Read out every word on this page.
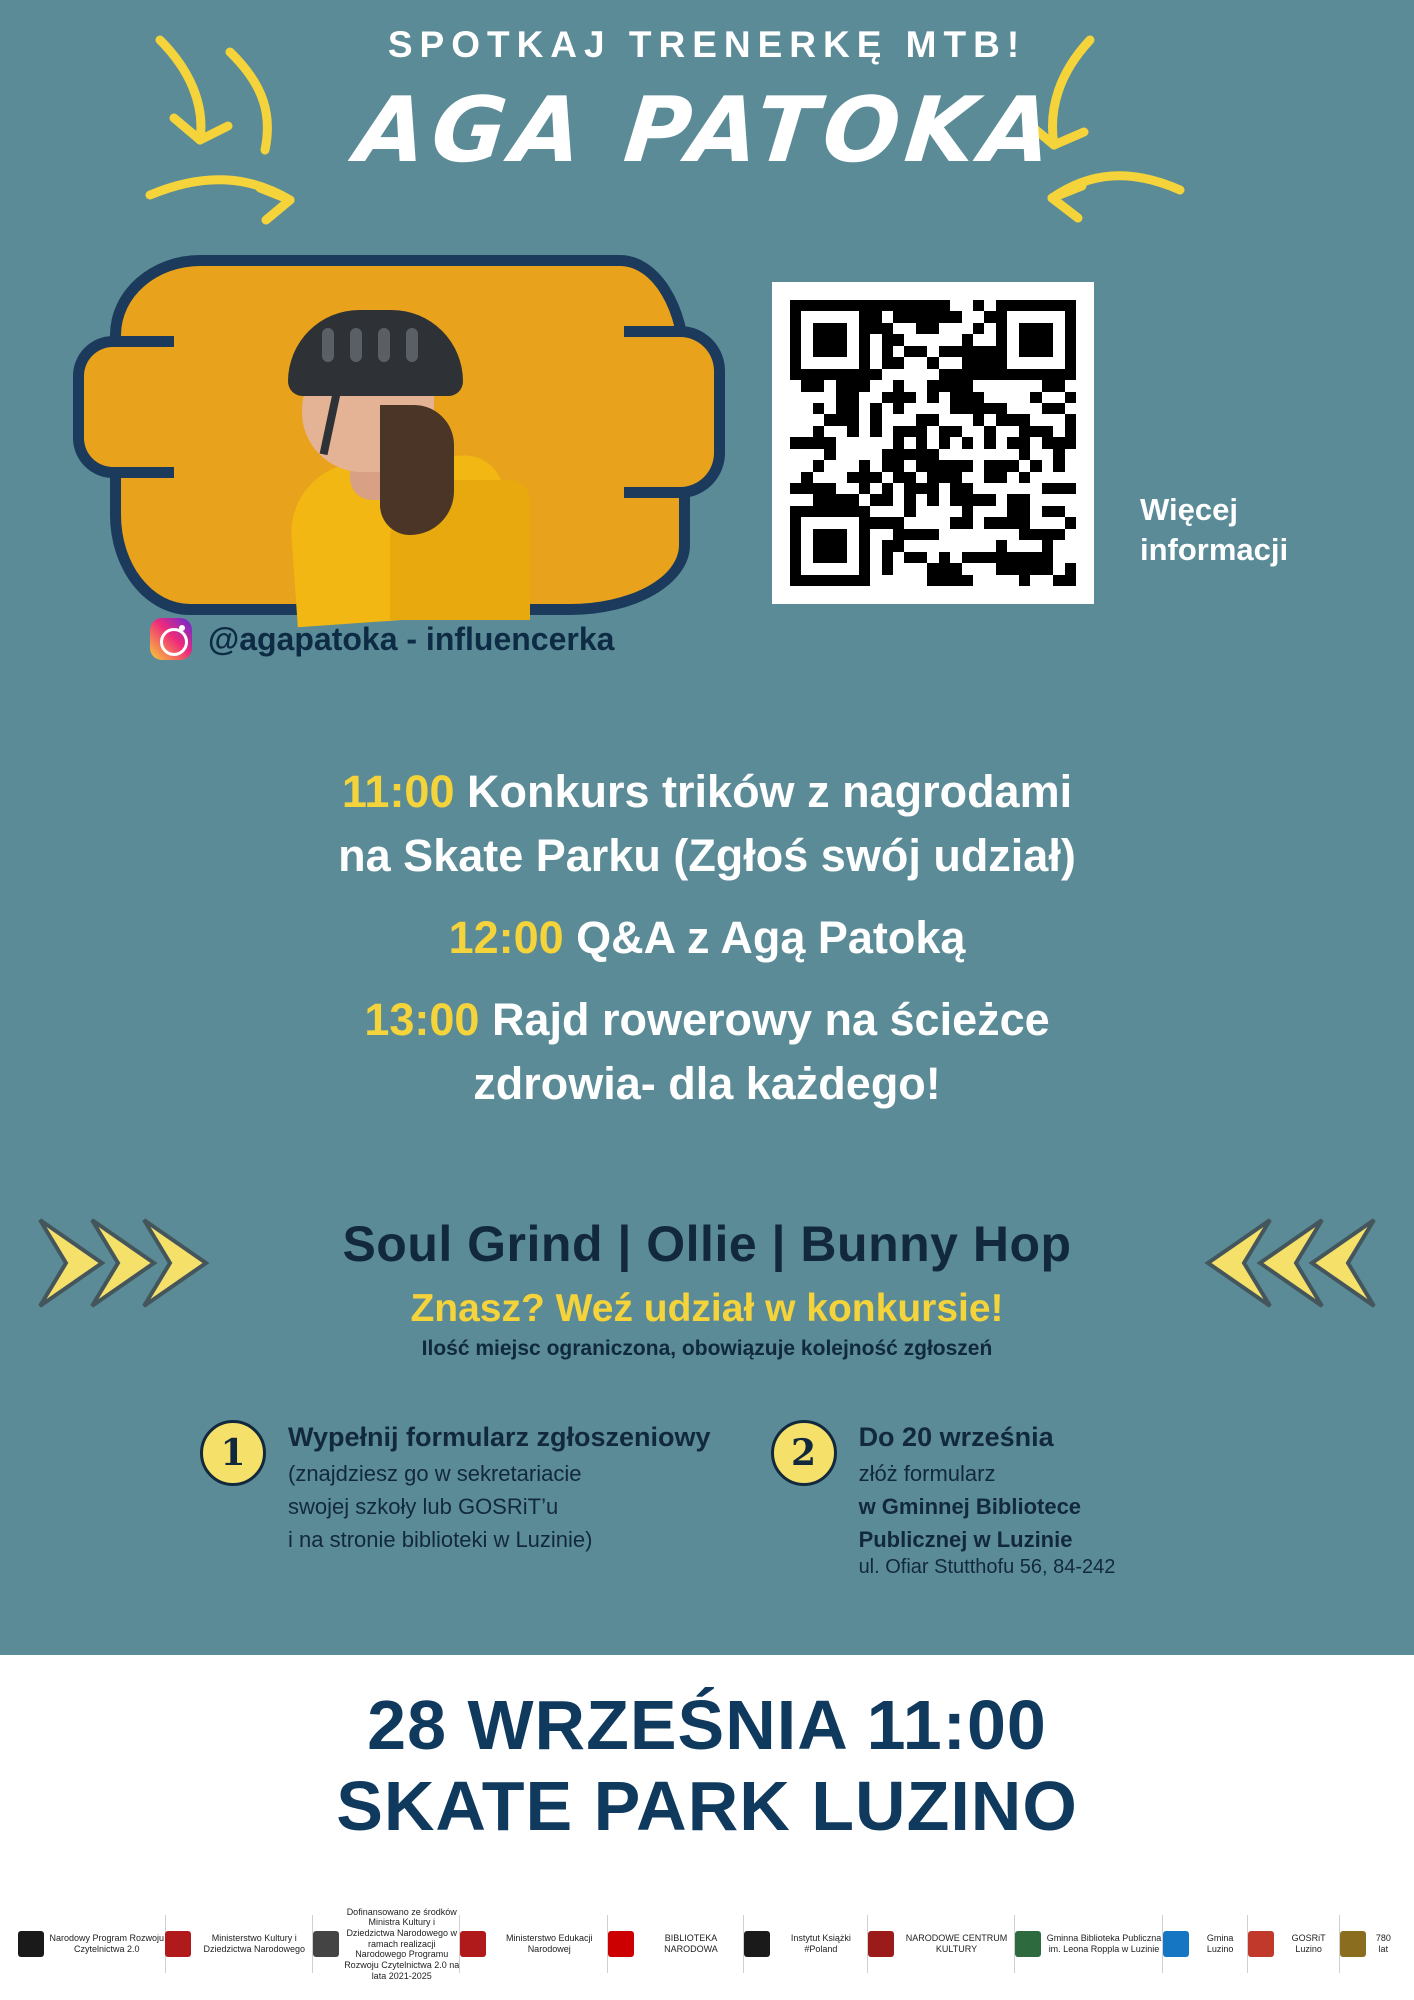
SPOTKAJ TRENERKĘ MTB!
AGA PATOKA
@agapatoka - influencerka
Więcej informacji
11:00 Konkurs trików z nagrodami
na Skate Parku (Zgłoś swój udział)
12:00 Q&A z Agą Patoką
13:00 Rajd rowerowy na ścieżce
zdrowia- dla każdego!
Soul Grind | Ollie | Bunny Hop
Znasz? Weź udział w konkursie!
Ilość miejsc ograniczona, obowiązuje kolejność zgłoszeń
1	Wypełnij formularz zgłoszeniowy
(znajdziesz go w sekretariacie
swojej szkoły lub GOSRiT’u
i na stronie biblioteki w Luzinie)
2	Do 20 września
złóż formularz
w Gminnej Bibliotece
Publicznej w Luzinie
ul. Ofiar Stutthofu 56, 84-242
28 WRZEŚNIA 11:00
SKATE PARK LUZINO
Narodowy Program Rozwoju Czytelnictwa 2.0
Ministerstwo Kultury i Dziedzictwa Narodowego
Dofinansowano ze środków Ministra Kultury i Dziedzictwa Narodowego w ramach realizacji Narodowego Programu Rozwoju Czytelnictwa 2.0 na lata 2021-2025
Ministerstwo Edukacji Narodowej
BIBLIOTEKA NARODOWA
Instytut Książki #Poland
NARODOWE CENTRUM KULTURY
Gminna Biblioteka Publiczna im. Leona Roppla w Luzinie
Gmina Luzino
GOSRiT Luzino
780 lat
